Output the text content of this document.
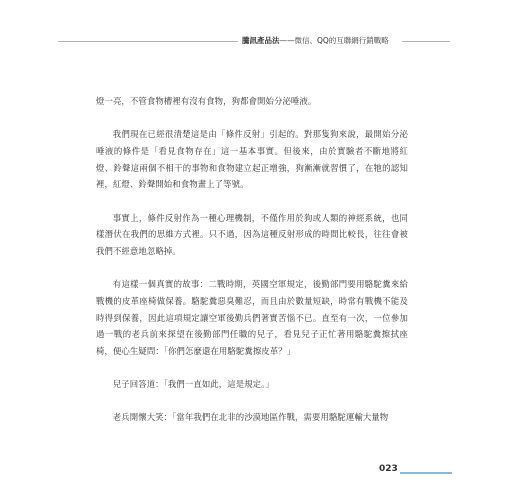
騰訊產品法——微信、QQ的互聯網行銷戰略

燈一亮，不管食物槽裡有沒有食物，狗都會開始分泌唾液。

我們現在已經很清楚這是由「條件反射」引起的。對那隻狗來說，最開始分泌唾液的條件是「看見食物存在」這一基本事實。但後來，由於實驗者不斷地將紅燈、鈴聲這兩個不相干的事物和食物建立起正增強，狗漸漸就習慣了，在牠的認知裡，紅燈、鈴聲開始和食物畫上了等號。

事實上，條件反射作為一種心理機制，不僅作用於狗或人類的神經系統，也同樣潛伏在我們的思維方式裡。只不過，因為這種反射形成的時間比較長，往往會被我們不經意地忽略掉。

有這樣一個真實的故事：二戰時期，英國空軍規定，後勤部門要用駱駝糞來給戰機的皮革座椅做保養。駱駝糞惡臭難忍，而且由於數量短缺，時常有戰機不能及時得到保養，因此這項規定讓空軍後勤兵們著實苦惱不已。直至有一次，一位參加過一戰的老兵前來探望在後勤部門任職的兒子，看見兒子正忙著用駱駝糞擦拭座椅，便心生疑問：「你們怎麼還在用駱駝糞擦皮革？」

兒子回答道：「我們一直如此，這是規定。」

老兵開懷大笑：「當年我們在北非的沙漠地區作戰，需要用駱駝運輸大量物

023
